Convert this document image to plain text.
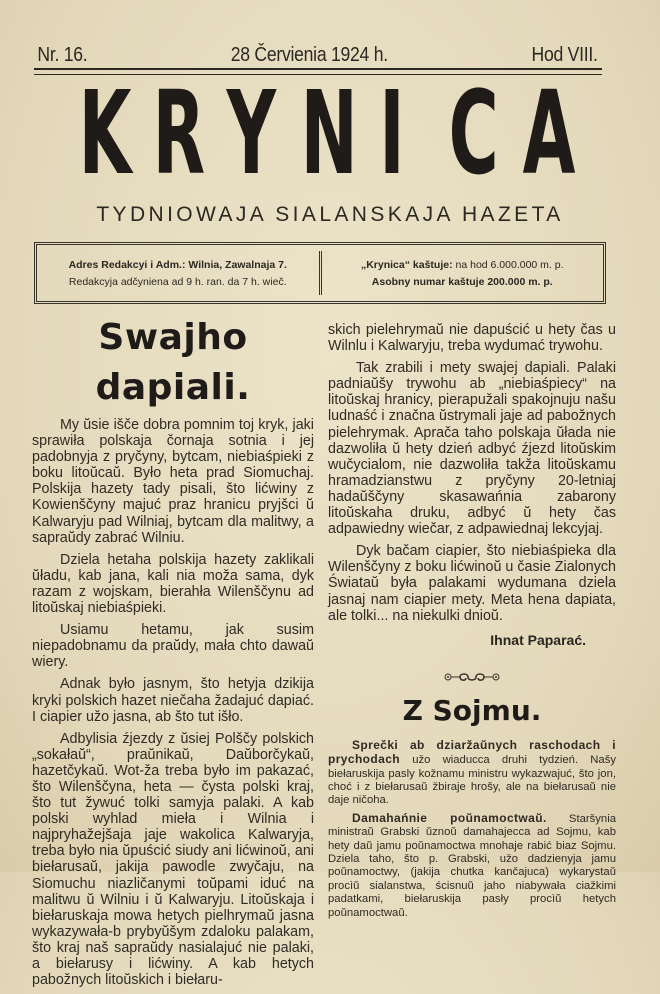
Nr. 16.	28 Červienia 1924 h.	Hod VIII.
K R Y N I C A
TYDNIOWAJA SIALANSKAJA HAZETA
Adres Redakcyi i Adm.: Wilnia, Zawalnaja 7.
Redakcyja adčyniena ad 9 h. ran. da 7 h. wieč.
„Krynica“ kaštuje: na hod 6.000.000 m. p.
Asobny numar kaštuje 200.000 m. p.
Swajho dapiali.

My ŭsie išče dobra pomnim toj kryk, jaki sprawiła polskaja čornaja sotnia i jej padobnyja z pryčyny, bytcam, niebiaśpieki z boku litoŭcaŭ. Było heta prad Siomuchaj. Polskija hazety tady pisali, što lićwiny z Kowienščyny majuć praz hranicu pryjšci ŭ Kalwaryju pad Wilniaj, bytcam dla malitwy, a sapraŭdy zabrać Wilniu.

Dziela hetaha polskija hazety zaklikali ŭładu, kab jana, kali nia moža sama, dyk razam z wojskam, bierahła Wilenščynu ad litoŭskaj niebiaśpieki.

Usiamu hetamu, jak susim niepadobnamu da praŭdy, mała chto dawaŭ wiery.

Adnak było jasnym, što hetyja dzikija kryki polskich hazet niečaha žadajuć dapiać. I ciapier užo jasna, ab što tut išło.

Adbylisia źjezdy z ŭsiej Polščy polskich „sokałaŭ“, praŭnikaŭ, Daŭborčykaŭ, hazetčykaŭ. Wot-ža treba było im pakazać, što Wilenščyna, heta — čysta polski kraj, što tut žywuć tolki samyja palaki. A kab polski wyhlad mieła i Wilnia i najpryhažejšaja jaje wakolica Kalwaryja, treba było nia ŭpuścić siudy ani lićwinoŭ, ani biełarusaŭ, jakija pawodle zwyčaju, na Siomuchu niazličanymi toŭpami iduć na malitwu ŭ Wilniu i ŭ Kalwaryju. Litoŭskaja i biełaruskaja mowa hetych pielhrymaŭ jasna wykazywała-b prybyŭšym zdaloku palakam, što kraj naš sapraŭdy nasialajuć nie palaki, a biełarusy i lićwiny. A kab hetych pabožnych litoŭskich i biełaru-

skich pielehrymaŭ nie dapuścić u hety čas u Wilnlu i Kalwaryju, treba wydumać trywohu.

Tak zrabili i mety swajej dapiali. Palaki padniaŭšy trywohu ab „niebiaśpiecy“ na litoŭskaj hranicy, pierapužali spakojnuju našu ludnaść i značna ŭstrymali jaje ad pabožnych pielehrymak. Aprača taho polskaja ŭłada nie dazwoliła ŭ hety dzień adbyć źjezd litoŭskim wučycialom, nie dazwoliła takža litoŭskamu hramadzianstwu z pryčyny 20-letniaj hadaŭščyny skasawańnia zabarony litoŭskaha druku, adbyć ŭ hety čas adpawiedny wiečar, z adpawiednaj lekcyjaj.

Dyk bačam ciapier, što niebiaśpieka dla Wilenščyny z boku lićwinoŭ u časie Zialonych Świataŭ była palakami wydumana dziela jasnaj nam ciapier mety. Meta hena dapiata, ale tolki... na niekulki dnioŭ.

Ihnat Paparać.
Z Sojmu.

Sprečki ab dziaržaŭnych raschodach i prychodach užo wiaducca druhi tydzień. Našy biełaruskija pasly kožnamu ministru wykazwajuć, što jon, choć i z biełarusaŭ žbiraje hrošy, ale na biełarusaŭ nie daje ničoha.

Damahańnie poŭnamoctwaŭ. Staršynia ministraŭ Grabski ŭznoŭ damahajecca ad Sojmu, kab hety daŭ jamu poŭnamoctwa mnohaje rabić biaz Sojmu. Dziela taho, što p. Grabski, užo dadzienyja jamu poŭnamoctwy, (jakija chutka kančajuca) wykarystaŭ procìŭ sialanstwa, ścisnuŭ jaho niabywała ciažkimi padatkami, biełaruskija pasły procìŭ hetych poŭnamoctwaŭ.
